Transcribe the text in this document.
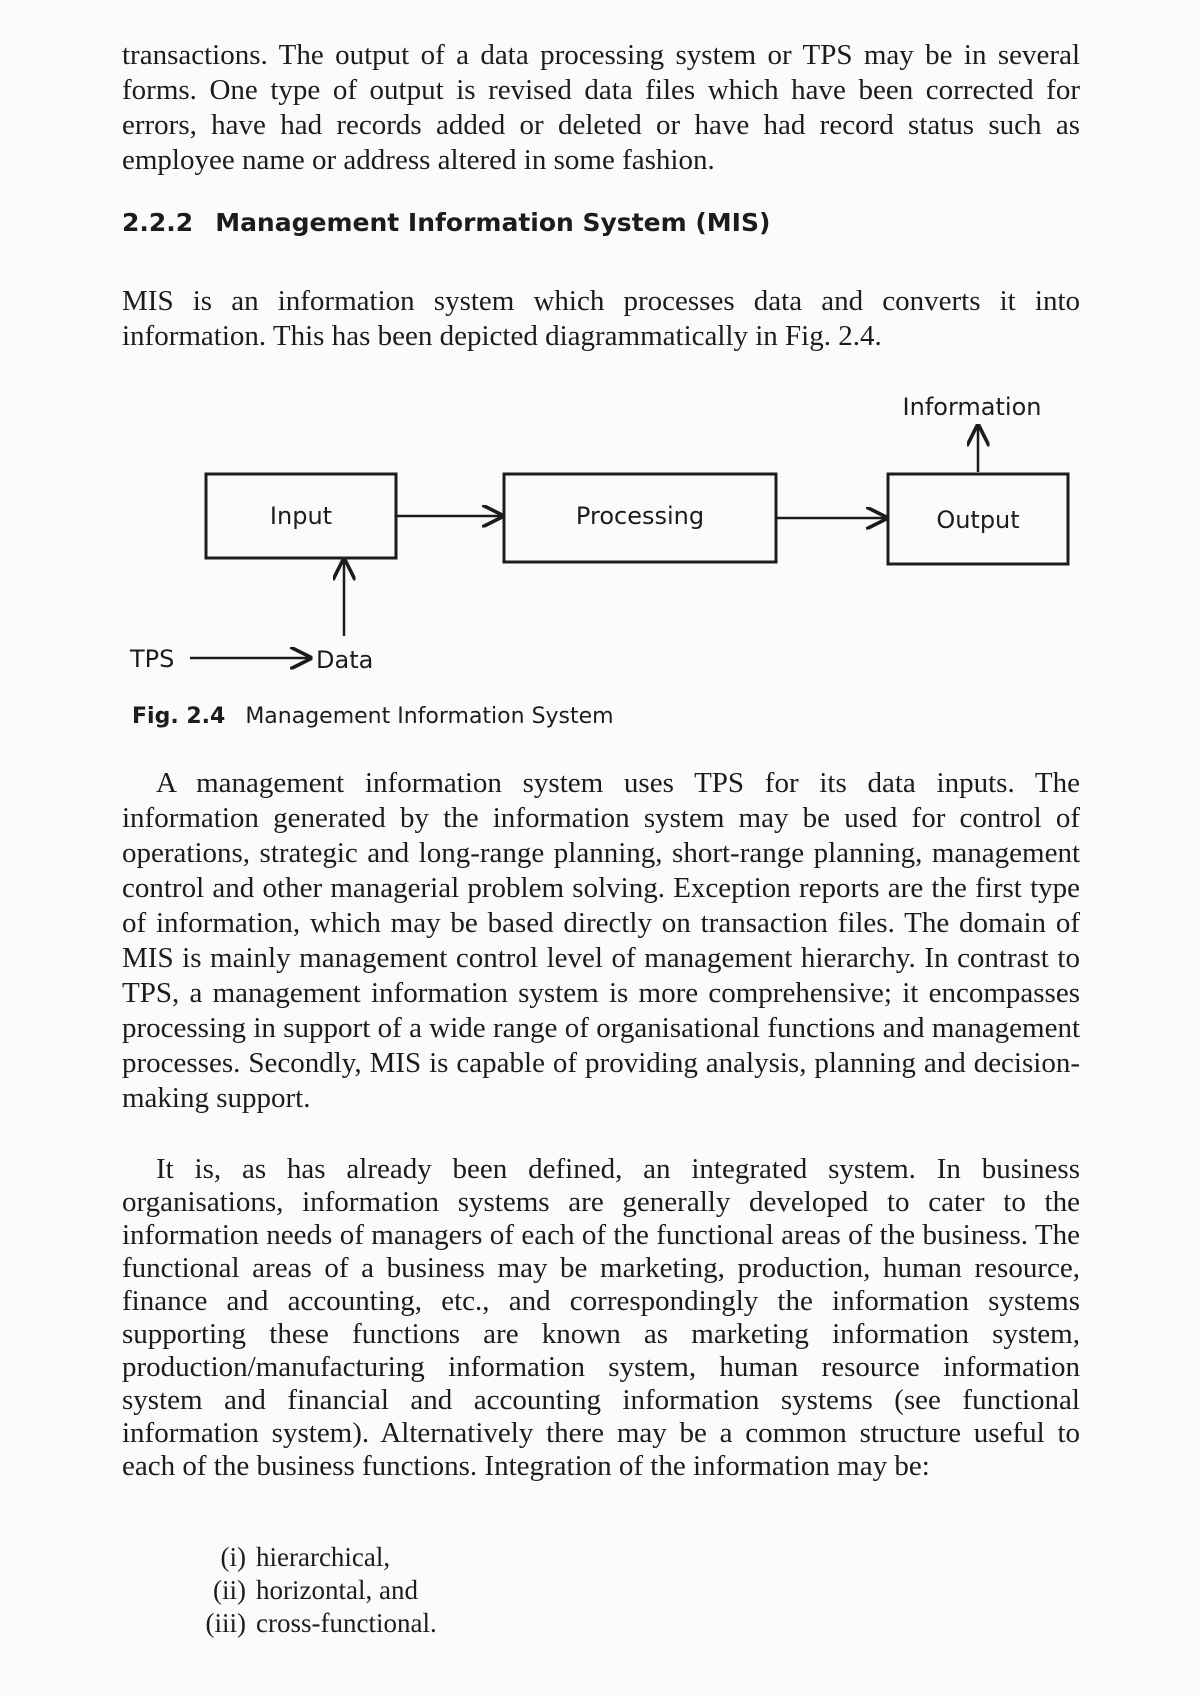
transactions. The output of a data processing system or TPS may be in several forms. One type of output is revised data files which have been corrected for errors, have had records added or deleted or have had record status such as employee name or address altered in some fashion.

2.2.2 Management Information System (MIS)

MIS is an information system which processes data and converts it into information. This has been depicted diagrammatically in Fig. 2.4.

Input	Processing	Output
Information
TPS	Data

Fig. 2.4 Management Information System

A management information system uses TPS for its data inputs. The information generated by the information system may be used for control of operations, strategic and long-range planning, short-range planning, management control and other managerial problem solving. Exception reports are the first type of information, which may be based directly on transaction files. The domain of MIS is mainly management control level of management hierarchy. In contrast to TPS, a management information system is more comprehensive; it encompasses processing in support of a wide range of organisational functions and management processes. Secondly, MIS is capable of providing analysis, planning and decision-making support.

It is, as has already been defined, an integrated system. In business organisations, information systems are generally developed to cater to the information needs of managers of each of the functional areas of the business. The functional areas of a business may be marketing, production, human resource, finance and accounting, etc., and correspondingly the information systems supporting these functions are known as marketing information system, production/manufacturing information system, human resource information system and financial and accounting information systems (see functional information system). Alternatively there may be a common structure useful to each of the business functions. Integration of the information may be:

(i) hierarchical,
(ii) horizontal, and
(iii) cross-functional.
